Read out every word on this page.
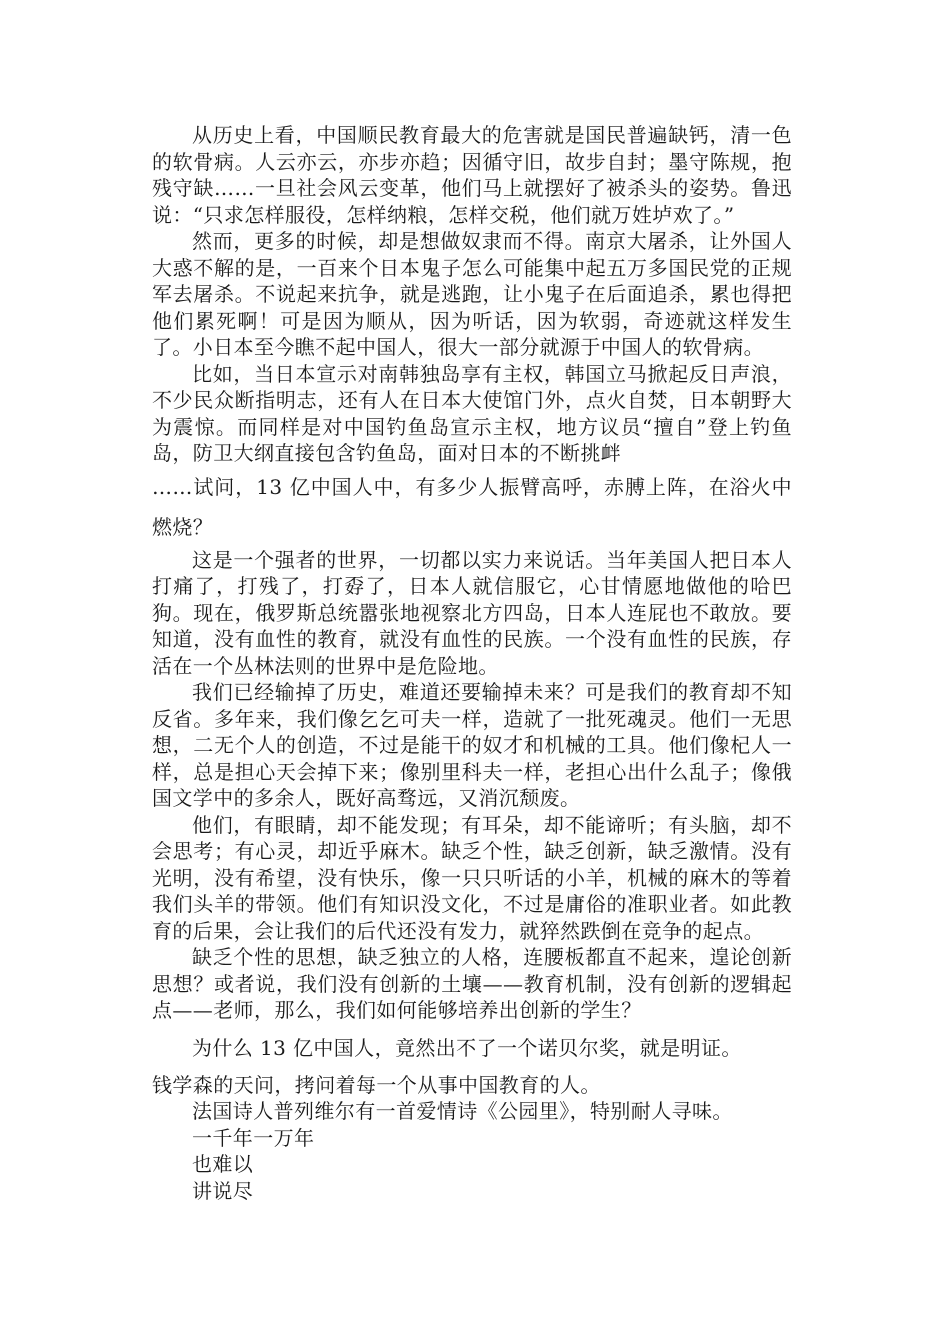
从历史上看，中国顺民教育最大的危害就是国民普遍缺钙，清一色的软骨病。人云亦云，亦步亦趋；因循守旧，故步自封；墨守陈规，抱残守缺……一旦社会风云变革，他们马上就摆好了被杀头的姿势。鲁迅说：“只求怎样服役，怎样纳粮，怎样交税，他们就万姓垆欢了。”

然而，更多的时候，却是想做奴隶而不得。南京大屠杀，让外国人大惑不解的是，一百来个日本鬼子怎么可能集中起五万多国民党的正规军去屠杀。不说起来抗争，就是逃跑，让小鬼子在后面追杀，累也得把他们累死啊！可是因为顺从，因为听话，因为软弱，奇迹就这样发生了。小日本至今瞧不起中国人，很大一部分就源于中国人的软骨病。

比如，当日本宣示对南韩独岛享有主权，韩国立马掀起反日声浪，不少民众断指明志，还有人在日本大使馆门外，点火自焚，日本朝野大为震惊。而同样是对中国钓鱼岛宣示主权，地方议员“擅自”登上钓鱼岛，防卫大纲直接包含钓鱼岛，面对日本的不断挑衅

……试问，13 亿中国人中，有多少人振臂高呼，赤膊上阵，在浴火中燃烧？

这是一个强者的世界，一切都以实力来说话。当年美国人把日本人打痛了，打残了，打孬了，日本人就信服它，心甘情愿地做他的哈巴狗。现在，俄罗斯总统嚣张地视察北方四岛，日本人连屁也不敢放。要知道，没有血性的教育，就没有血性的民族。一个没有血性的民族，存活在一个丛林法则的世界中是危险地。

我们已经输掉了历史，难道还要输掉未来？可是我们的教育却不知反省。多年来，我们像乞乞可夫一样，造就了一批死魂灵。他们一无思想，二无个人的创造，不过是能干的奴才和机械的工具。他们像杞人一样，总是担心天会掉下来；像别里科夫一样，老担心出什么乱子；像俄国文学中的多余人，既好高骛远，又消沉颓废。

他们，有眼睛，却不能发现；有耳朵，却不能谛听；有头脑，却不会思考；有心灵，却近乎麻木。缺乏个性，缺乏创新，缺乏激情。没有光明，没有希望，没有快乐，像一只只听话的小羊，机械的麻木的等着我们头羊的带领。他们有知识没文化，不过是庸俗的准职业者。如此教育的后果，会让我们的后代还没有发力，就猝然跌倒在竞争的起点。

缺乏个性的思想，缺乏独立的人格，连腰板都直不起来，遑论创新思想？或者说，我们没有创新的土壤——教育机制，没有创新的逻辑起点——老师，那么，我们如何能够培养出创新的学生？

为什么 13 亿中国人，竟然出不了一个诺贝尔奖，就是明证。

钱学森的天问，拷问着每一个从事中国教育的人。

法国诗人普列维尔有一首爱情诗《公园里》，特别耐人寻味。

一千年一万年

也难以

讲说尽
